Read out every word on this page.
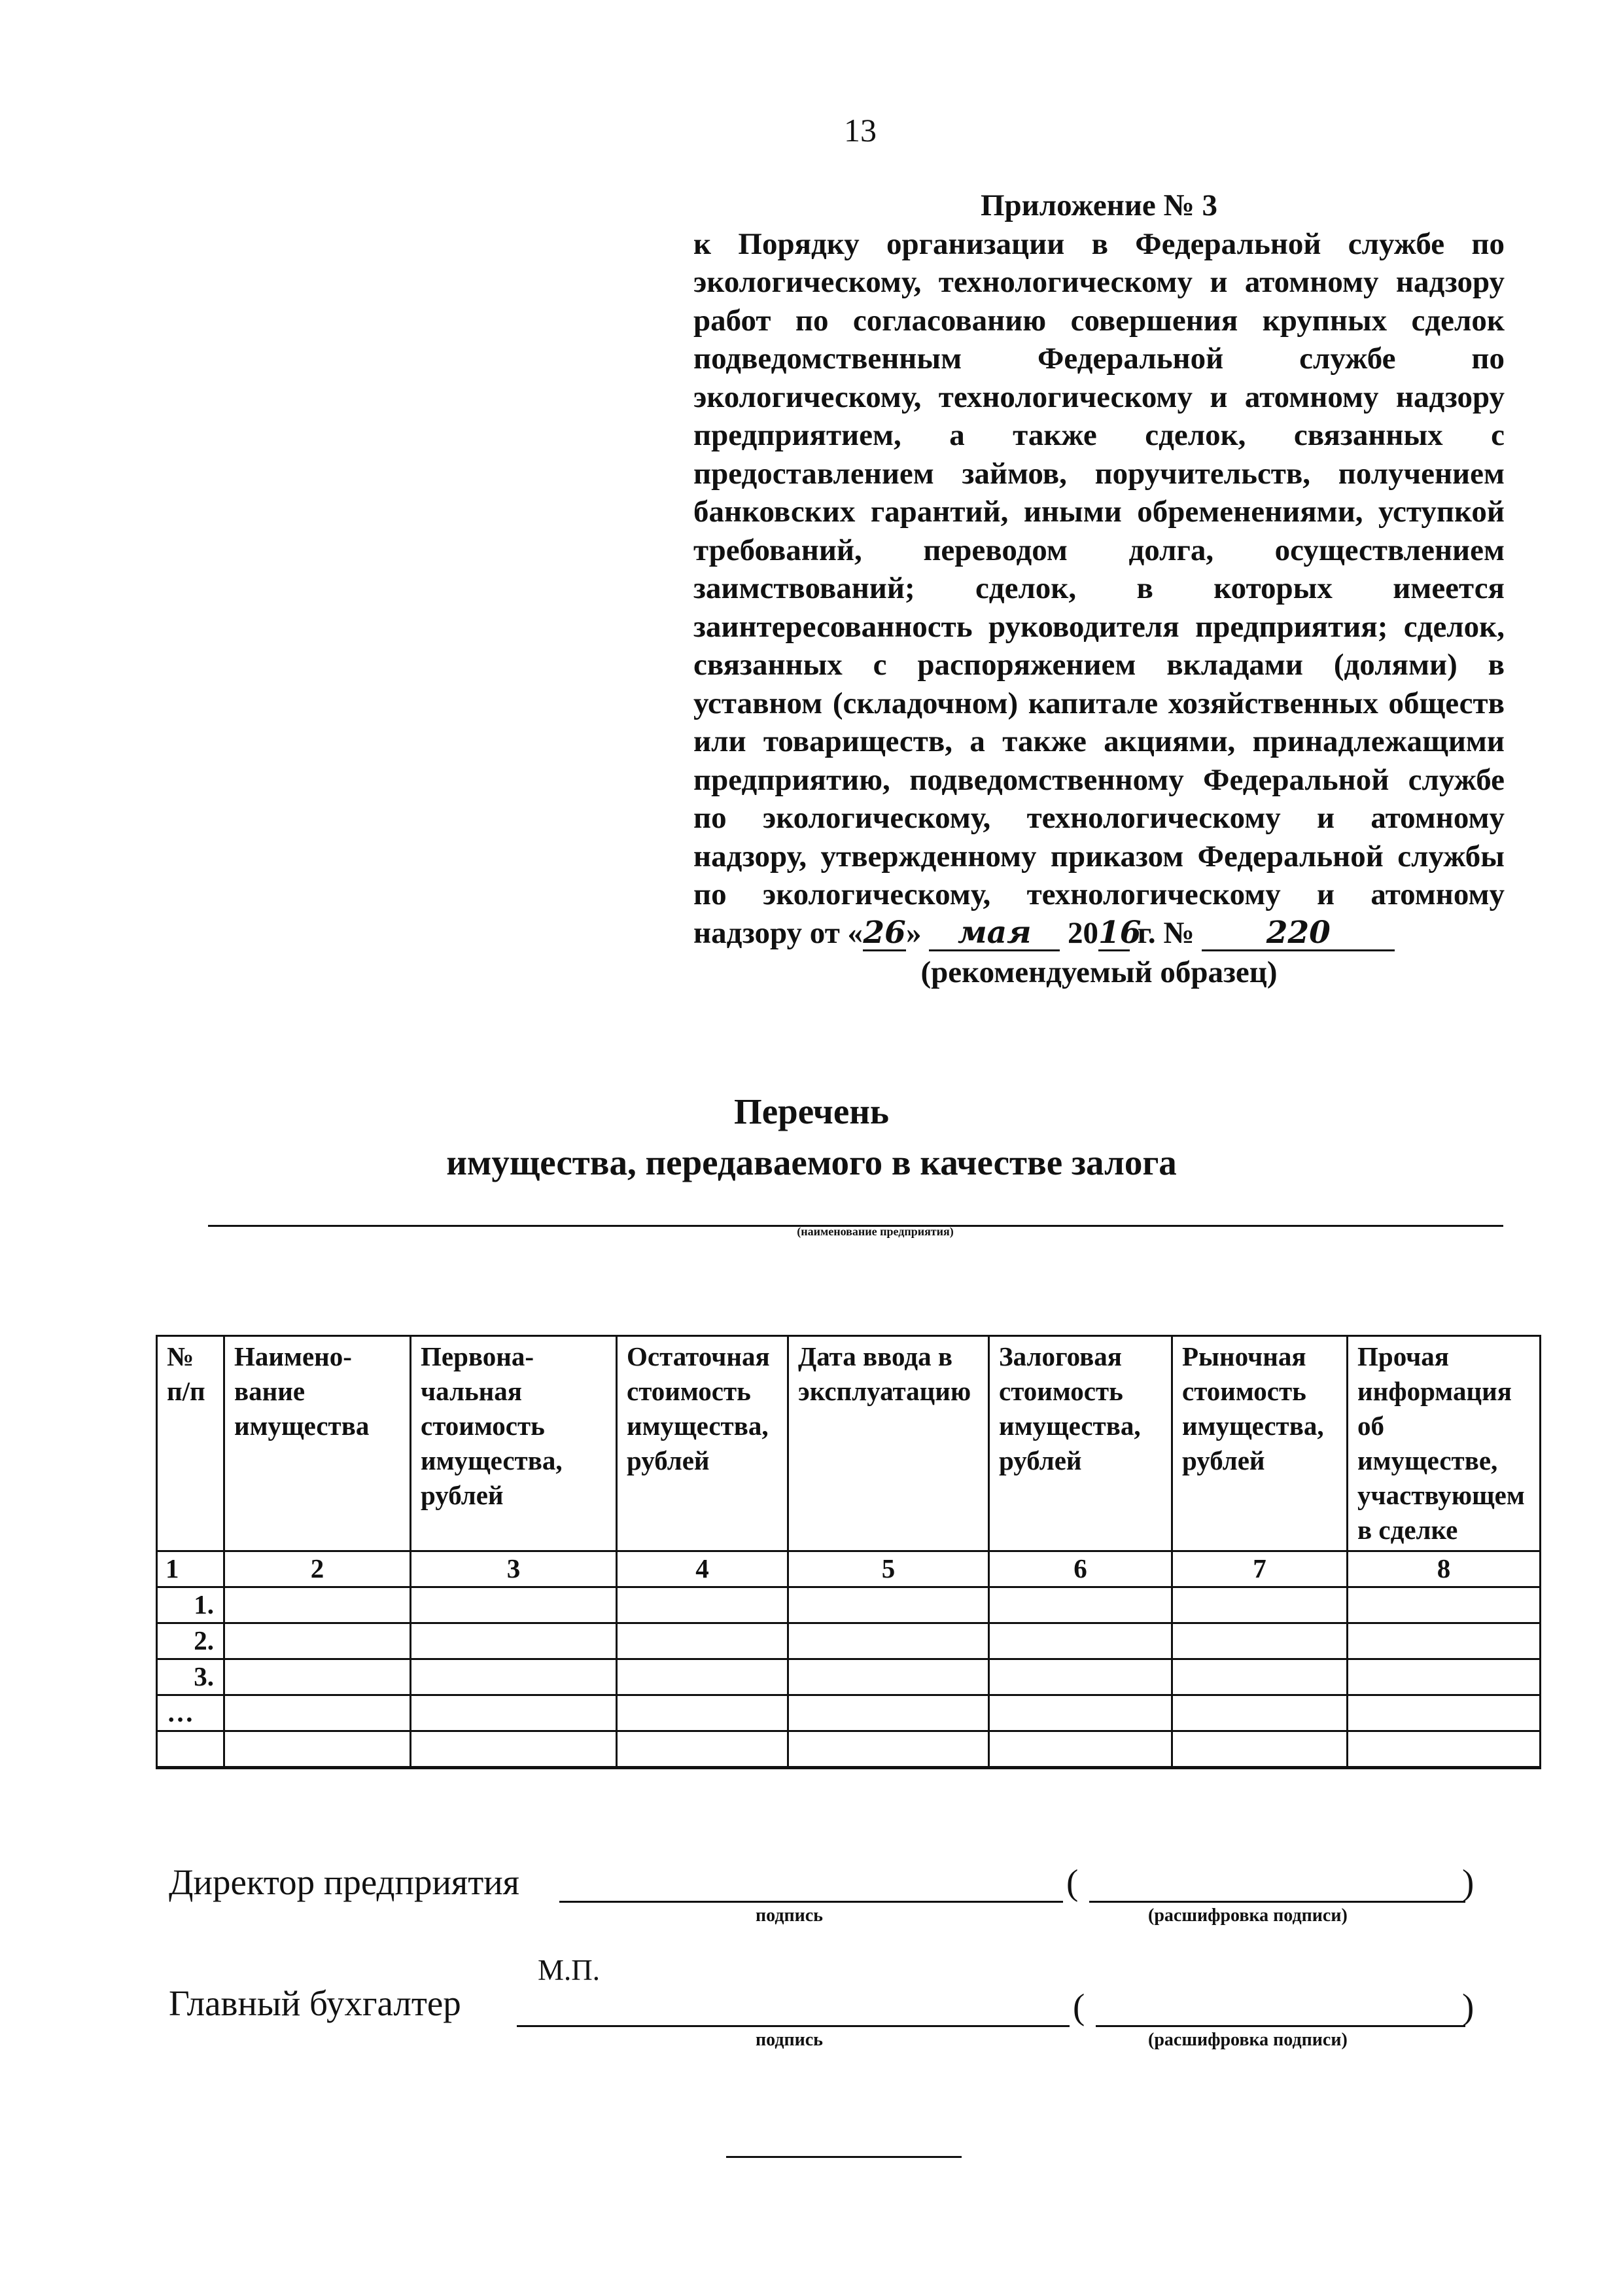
13
Приложение № 3
к Порядку организации в Федеральной службе по
экологическому, технологическому и атомному надзору
работ по согласованию совершения крупных сделок
подведомственным Федеральной службе по
экологическому, технологическому и атомному надзору
предприятием, а также сделок, связанных с
предоставлением займов, поручительств, получением
банковских гарантий, иными обременениями, уступкой
требований, переводом долга, осуществлением
заимствований; сделок, в которых имеется
заинтересованность руководителя предприятия; сделок,
связанных с распоряжением вкладами (долями) в
уставном (складочном) капитале хозяйственных обществ
или товариществ, а также акциями, принадлежащими
предприятию, подведомственному Федеральной службе
по экологическому, технологическому и атомному
надзору, утвержденному приказом Федеральной службы
по экологическому, технологическому и атомному
надзору от «26» мая 2016 г. № 220
(рекомендуемый образец)
Перечень
имущества, передаваемого в качестве залога
(наименование предприятия)
№ п/п	Наимено-вание имущества	Первона-чальная стоимость имущества, рублей	Остаточная стоимость имущества, рублей	Дата ввода в эксплуатацию	Залоговая стоимость имущества, рублей	Рыночная стоимость имущества, рублей	Прочая информация об имуществе, участвующем в сделке
1	2	3	4	5	6	7	8
1.							
2.							
3.							
…							

Директор предприятия	(	)
подпись	(расшифровка подписи)
М.П.
Главный бухгалтер	(	)
подпись	(расшифровка подписи)
